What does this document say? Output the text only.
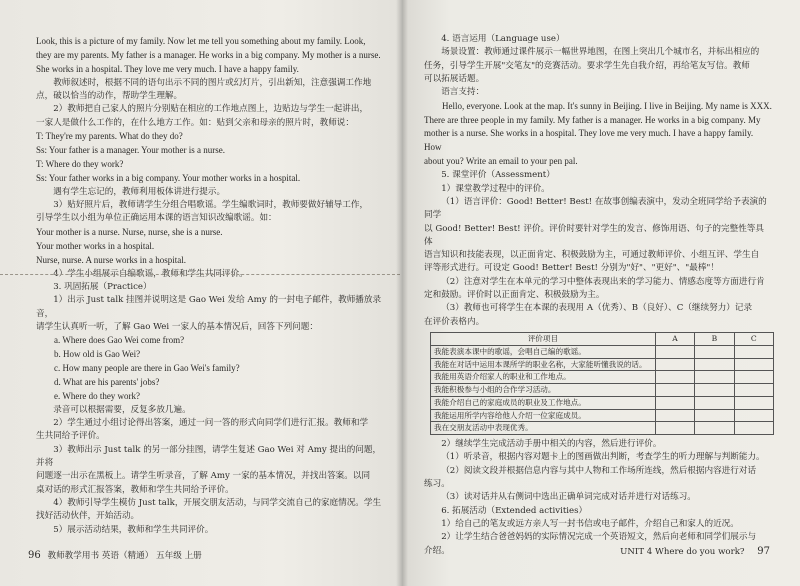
Look, this is a picture of my family. Now let me tell you something about my family. Look,

they are my parents. My father is a manager. He works in a big company. My mother is a nurse.

She works in a hospital. They love me very much. I have a happy family.

教师叙述时，根据不同的语句出示不同的图片或幻灯片，引出新知，注意强调工作地

点，破以恰当的动作，帮助学生理解。

2）教师把自己家人的照片分别贴在相应的工作地点图上，边贴边与学生一起讲出，

一家人是做什么工作的，在什么地方工作。如：贴到父亲和母亲的照片时，教师说：

T: They're my parents. What do they do?

Ss: Your father is a manager. Your mother is a nurse.

T: Where do they work?

Ss: Your father works in a big company. Your mother works in a hospital.

遇有学生忘记的，教师利用板体讲进行提示。

3）贴好照片后，教师请学生分组合唱歌谣。学生编歌词时，教师要做好辅导工作，

引导学生以小组为单位正确运用本课的语言知识改编歌谣。如：

Your mother is a nurse. Nurse, nurse, she is a nurse.

Your mother works in a hospital.

Nurse, nurse. A nurse works in a hospital.

4）学生小组展示自编歌谣，教师和学生共同评价。

3. 巩固拓展（Practice）

1）出示 Just talk 挂图并说明这是 Gao Wei 发给 Amy 的一封电子邮件，教师播放录音，

请学生认真听一听，了解 Gao Wei 一家人的基本情况后，回答下列问题：

a. Where does Gao Wei come from?

b. How old is Gao Wei?

c. How many people are there in Gao Wei's family?

d. What are his parents' jobs?

e. Where do they work?

录音可以根据需要，反复多放几遍。

2）学生通过小组讨论得出答案，通过一问一答的形式向同学们进行汇报。教师和学

生共同给予评价。

3）教师出示 Just talk 的另一部分挂图，请学生复述 Gao Wei 对 Amy 提出的问题，并将

问题逐一出示在黑板上。请学生听录音，了解 Amy 一家的基本情况，并找出答案。以同

桌对话的形式汇报答案，教师和学生共同给予评价。

4）教师引导学生模仿 Just talk，开展交朋友活动，与同学交流自己的家庭情况。学生

找好活动伙伴，开始活动。

5）展示活动结果，教师和学生共同评价。

96 教师教学用书 英语（精通） 五年级 上册

4. 语言运用（Language use）

场景设置：教师通过课件展示一幅世界地图，在图上突出几个城市名，并标出相应的

任务，引导学生开展"交笔友"的竞赛活动。要求学生先自我介绍，再给笔友写信。教师

可以拓展话题。

语言支持：

Hello, everyone. Look at the map. It's sunny in Beijing. I live in Beijing. My name is XXX.

There are three people in my family. My father is a manager. He works in a big company. My

mother is a nurse. She works in a hospital. They love me very much. I have a happy family. How

about you? Write an email to your pen pal.

5. 课堂评价（Assessment）

1）课堂教学过程中的评价。

（1）语言评价：Good! Better! Best! 在故事创编表演中，发动全班同学给予表演的同学

以 Good! Better! Best! 评价。评价时要针对学生的发言、修饰用语、句子的完整性等具体

语言知识和技能表现，以正面肯定、积极鼓励为主，可通过教师评价、小组互评、学生自

评等形式进行。可设定 Good! Better! Best! 分别为"好"、"更好"、"最棒"！

（2）注意对学生在本单元的学习中整体表现出来的学习能力、情感态度等方面进行肯

定和鼓励。评价时以正面肯定、积极鼓励为主。

（3）教师也可将学生在本课的表现用 A（优秀）、B（良好）、C（继续努力）记录

在评价表格内。

评价项目	A	B	C
我能表演本课中的歌谣，会唱自己编的歌谣。			
我能在对话中运用本课所学的职业名称，大家能听懂我说的话。			
我能用英语介绍家人的职业和工作地点。			
我能积极参与小组的合作学习活动。			
我能介绍自己的家庭成员的职业及工作地点。			
我能运用所学内容给他人介绍一位家庭成员。			
我在交朋友活动中表现优秀。			

2）继续学生完成活动手册中相关的内容，然后进行评价。

（1）听录音，根据内容对题卡上的图画做出判断，考查学生的听力理解与判断能力。

（2）阅读文段并根据信息内容与其中人物和工作场所连线，然后根据内容进行对话

练习。

（3）读对话并从右侧词中选出正确单词完成对话并进行对话练习。

6. 拓展活动（Extended activities）

1）给自己的笔友或远方亲人写一封书信或电子邮件，介绍自己和家人的近况。

2）让学生结合爸爸妈妈的实际情况完成一个英语短文，然后向老师和同学们展示与

介绍。	UNIT 4 Where do you work? 97
